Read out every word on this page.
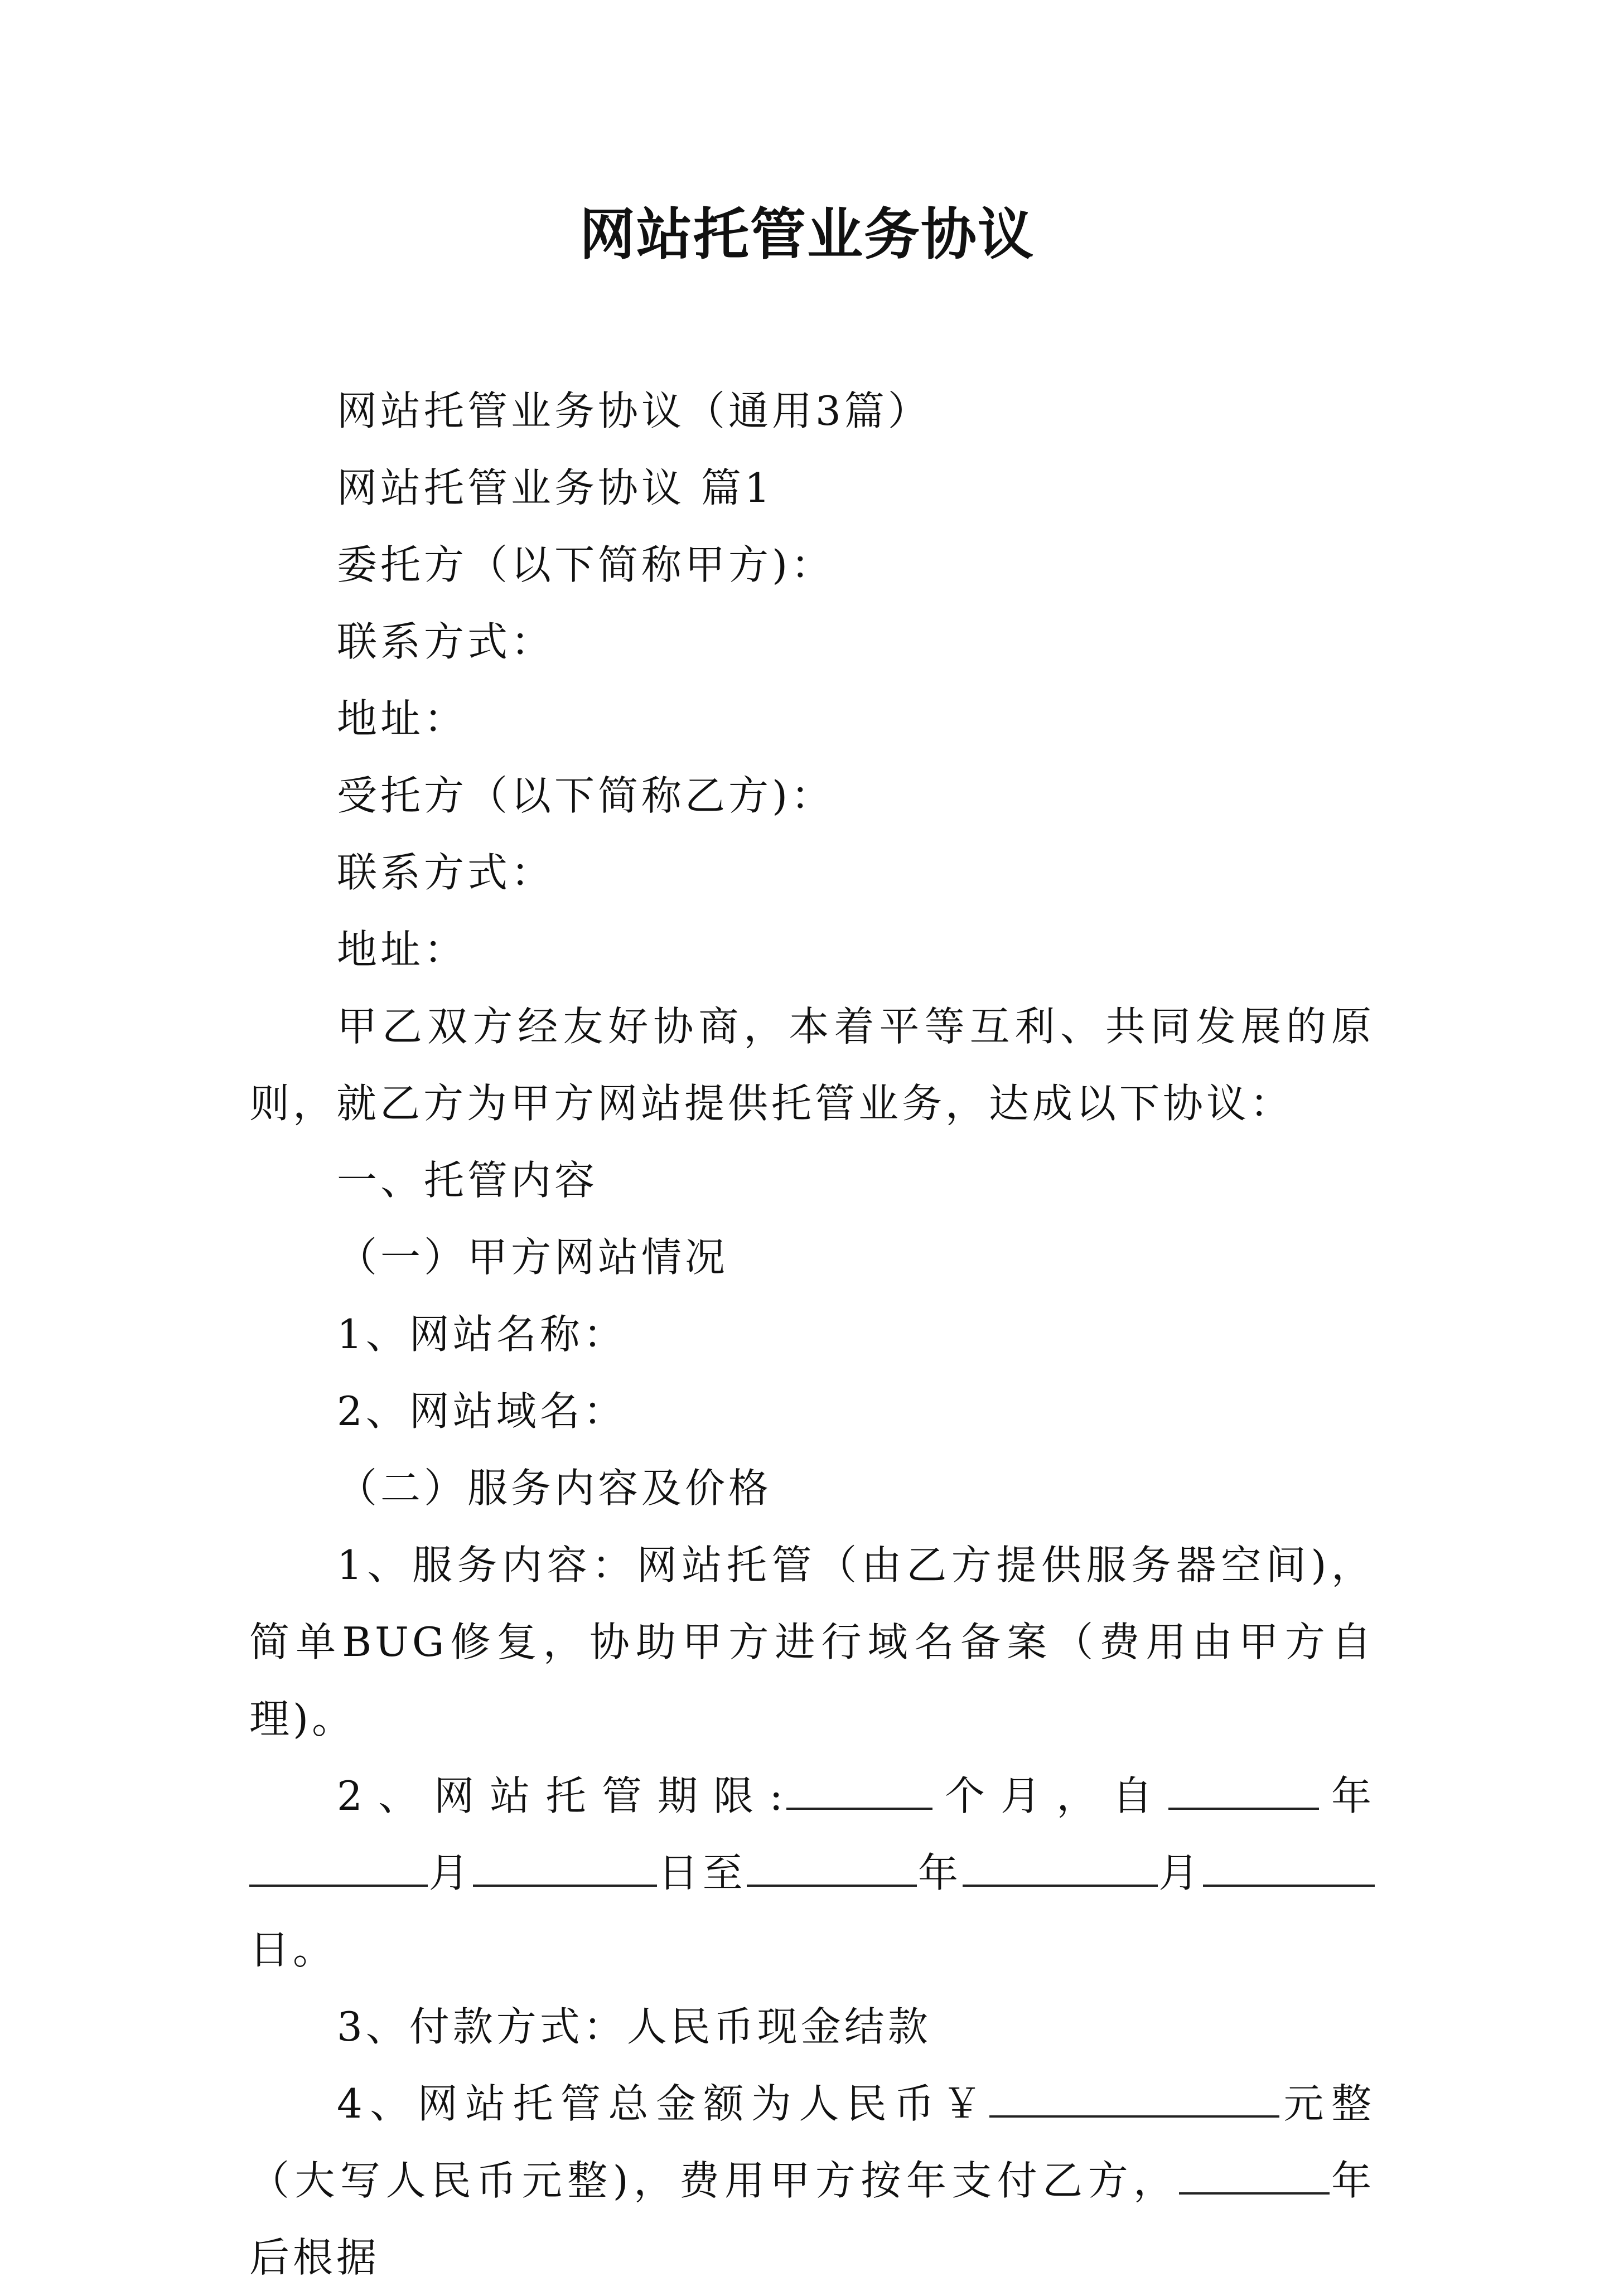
网站托管业务协议

网站托管业务协议（通用3篇）

网站托管业务协议 篇1

委托方（以下简称甲方)：

联系方式：

地址：

受托方（以下简称乙方)：

联系方式：

地址：

甲乙双方经友好协商，本着平等互利、共同发展的原则，就乙方为甲方网站提供托管业务，达成以下协议：

一、托管内容

（一）甲方网站情况

1、网站名称：

2、网站域名：

（二）服务内容及价格

1、服务内容：网站托管（由乙方提供服务器空间)，简单BUG修复，协助甲方进行域名备案（费用由甲方自理)。

2、网站托管期限:	个月，自	年月	日至	年	月日。

3、付款方式：人民币现金结款

4、网站托管总金额为人民币￥	元整（大写人民币元整)，费用甲方按年支付乙方，	年后根据
